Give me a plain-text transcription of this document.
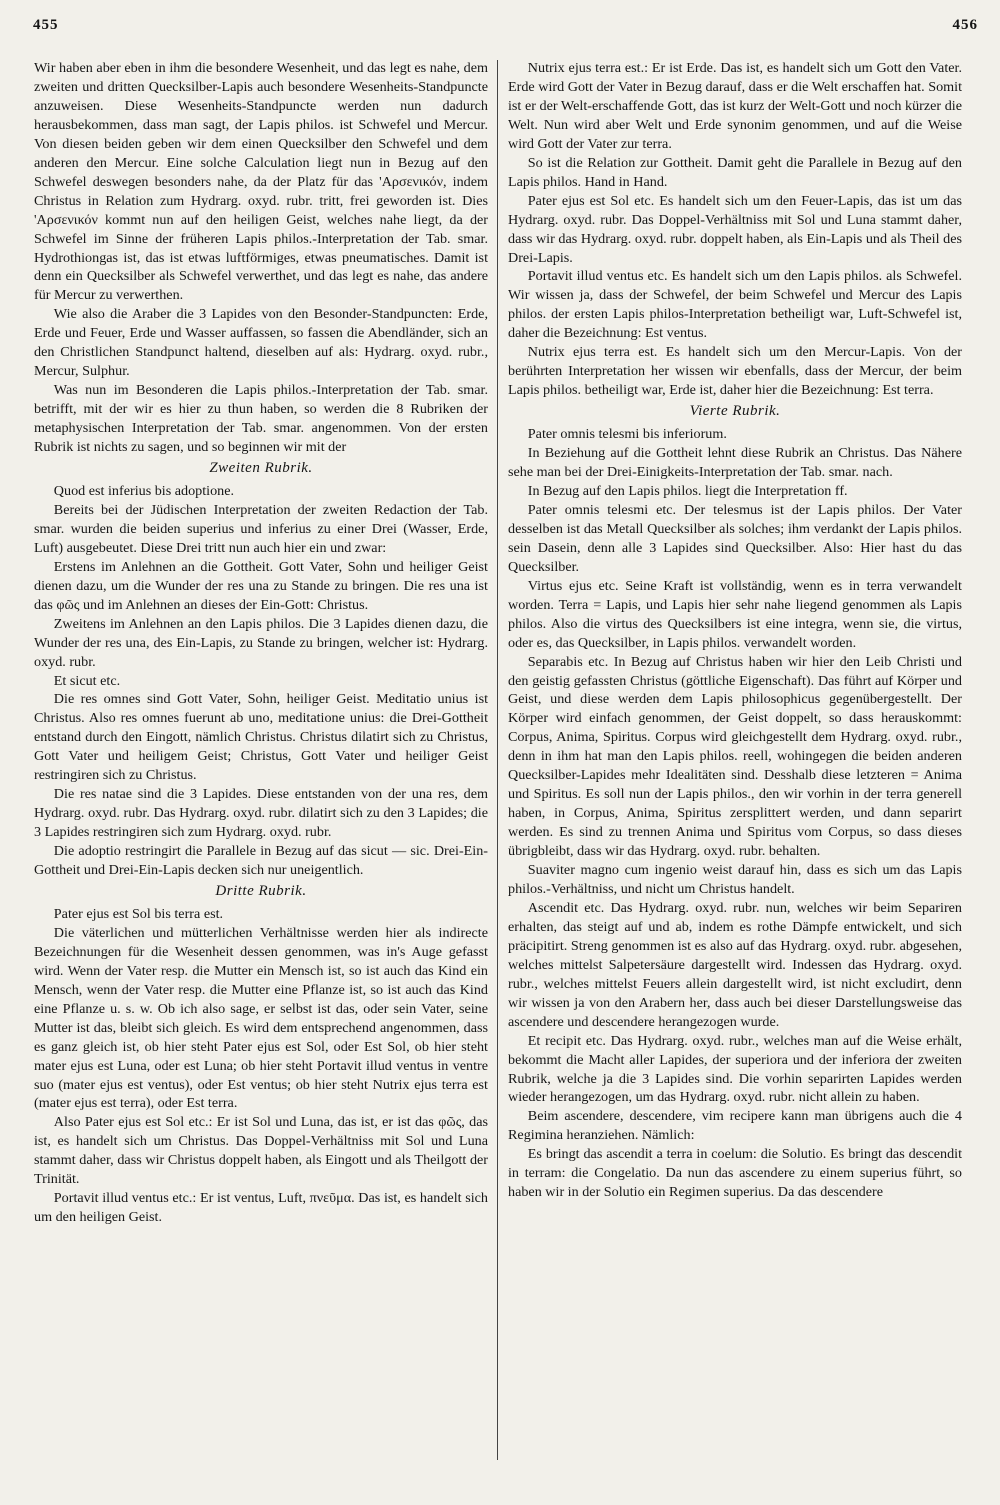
455	456

Wir haben aber eben in ihm die besondere Wesenheit, und das legt es nahe, dem zweiten und dritten Quecksilber-Lapis auch besondere Wesenheits-Standpuncte anzuweisen. Diese Wesenheits-Standpuncte werden nun dadurch herausbekommen, dass man sagt, der Lapis philos. ist Schwefel und Mercur. Von diesen beiden geben wir dem einen Quecksilber den Schwefel und dem anderen den Mercur. Eine solche Calculation liegt nun in Bezug auf den Schwefel deswegen besonders nahe, da der Platz für das 'Αρσενικόν, indem Christus in Relation zum Hydrarg. oxyd. rubr. tritt, frei geworden ist. Dies 'Αρσενικόν kommt nun auf den heiligen Geist, welches nahe liegt, da der Schwefel im Sinne der früheren Lapis philos.-Interpretation der Tab. smar. Hydrothiongas ist, das ist etwas luftförmiges, etwas pneumatisches. Damit ist denn ein Quecksilber als Schwefel verwerthet, und das legt es nahe, das andere für Mercur zu verwerthen.

Wie also die Araber die 3 Lapides von den Besonder-Standpuncten: Erde, Erde und Feuer, Erde und Wasser auffassen, so fassen die Abendländer, sich an den Christlichen Standpunct haltend, dieselben auf als: Hydrarg. oxyd. rubr., Mercur, Sulphur.

Was nun im Besonderen die Lapis philos.-Interpretation der Tab. smar. betrifft, mit der wir es hier zu thun haben, so werden die 8 Rubriken der metaphysischen Interpretation der Tab. smar. angenommen. Von der ersten Rubrik ist nichts zu sagen, und so beginnen wir mit der

Zweiten Rubrik.

Quod est inferius bis adoptione.

Bereits bei der Jüdischen Interpretation der zweiten Redaction der Tab. smar. wurden die beiden superius und inferius zu einer Drei (Wasser, Erde, Luft) ausgebeutet. Diese Drei tritt nun auch hier ein und zwar:

Erstens im Anlehnen an die Gottheit. Gott Vater, Sohn und heiliger Geist dienen dazu, um die Wunder der res una zu Stande zu bringen. Die res una ist das φῶς und im Anlehnen an dieses der Ein-Gott: Christus.

Zweitens im Anlehnen an den Lapis philos. Die 3 Lapides dienen dazu, die Wunder der res una, des Ein-Lapis, zu Stande zu bringen, welcher ist: Hydrarg. oxyd. rubr.

Et sicut etc.

Die res omnes sind Gott Vater, Sohn, heiliger Geist. Meditatio unius ist Christus. Also res omnes fuerunt ab uno, meditatione unius: die Drei-Gottheit entstand durch den Eingott, nämlich Christus. Christus dilatirt sich zu Christus, Gott Vater und heiligem Geist; Christus, Gott Vater und heiliger Geist restringiren sich zu Christus.

Die res natae sind die 3 Lapides. Diese entstanden von der una res, dem Hydrarg. oxyd. rubr. Das Hydrarg. oxyd. rubr. dilatirt sich zu den 3 Lapides; die 3 Lapides restringiren sich zum Hydrarg. oxyd. rubr.

Die adoptio restringirt die Parallele in Bezug auf das sicut — sic. Drei-Ein-Gottheit und Drei-Ein-Lapis decken sich nur uneigentlich.

Dritte Rubrik.

Pater ejus est Sol bis terra est.

Die väterlichen und mütterlichen Verhältnisse werden hier als indirecte Bezeichnungen für die Wesenheit dessen genommen, was in's Auge gefasst wird. Wenn der Vater resp. die Mutter ein Mensch ist, so ist auch das Kind ein Mensch, wenn der Vater resp. die Mutter eine Pflanze ist, so ist auch das Kind eine Pflanze u. s. w. Ob ich also sage, er selbst ist das, oder sein Vater, seine Mutter ist das, bleibt sich gleich. Es wird dem entsprechend angenommen, dass es ganz gleich ist, ob hier steht Pater ejus est Sol, oder Est Sol, ob hier steht mater ejus est Luna, oder est Luna; ob hier steht Portavit illud ventus in ventre suo (mater ejus est ventus), oder Est ventus; ob hier steht Nutrix ejus terra est (mater ejus est terra), oder Est terra.

Also Pater ejus est Sol etc.: Er ist Sol und Luna, das ist, er ist das φῶς, das ist, es handelt sich um Christus. Das Doppel-Verhältniss mit Sol und Luna stammt daher, dass wir Christus doppelt haben, als Eingott und als Theilgott der Trinität.

Portavit illud ventus etc.: Er ist ventus, Luft, πνεῦμα. Das ist, es handelt sich um den heiligen Geist.

Nutrix ejus terra est.: Er ist Erde. Das ist, es handelt sich um Gott den Vater. Erde wird Gott der Vater in Bezug darauf, dass er die Welt erschaffen hat. Somit ist er der Welt-erschaffende Gott, das ist kurz der Welt-Gott und noch kürzer die Welt. Nun wird aber Welt und Erde synonim genommen, und auf die Weise wird Gott der Vater zur terra.

So ist die Relation zur Gottheit. Damit geht die Parallele in Bezug auf den Lapis philos. Hand in Hand.

Pater ejus est Sol etc. Es handelt sich um den Feuer-Lapis, das ist um das Hydrarg. oxyd. rubr. Das Doppel-Verhältniss mit Sol und Luna stammt daher, dass wir das Hydrarg. oxyd. rubr. doppelt haben, als Ein-Lapis und als Theil des Drei-Lapis.

Portavit illud ventus etc. Es handelt sich um den Lapis philos. als Schwefel. Wir wissen ja, dass der Schwefel, der beim Schwefel und Mercur des Lapis philos. der ersten Lapis philos-Interpretation betheiligt war, Luft-Schwefel ist, daher die Bezeichnung: Est ventus.

Nutrix ejus terra est. Es handelt sich um den Mercur-Lapis. Von der berührten Interpretation her wissen wir ebenfalls, dass der Mercur, der beim Lapis philos. betheiligt war, Erde ist, daher hier die Bezeichnung: Est terra.

Vierte Rubrik.

Pater omnis telesmi bis inferiorum.

In Beziehung auf die Gottheit lehnt diese Rubrik an Christus. Das Nähere sehe man bei der Drei-Einigkeits-Interpretation der Tab. smar. nach.

In Bezug auf den Lapis philos. liegt die Interpretation ff.

Pater omnis telesmi etc. Der telesmus ist der Lapis philos. Der Vater desselben ist das Metall Quecksilber als solches; ihm verdankt der Lapis philos. sein Dasein, denn alle 3 Lapides sind Quecksilber. Also: Hier hast du das Quecksilber.

Virtus ejus etc. Seine Kraft ist vollständig, wenn es in terra verwandelt worden. Terra = Lapis, und Lapis hier sehr nahe liegend genommen als Lapis philos. Also die virtus des Quecksilbers ist eine integra, wenn sie, die virtus, oder es, das Quecksilber, in Lapis philos. verwandelt worden.

Separabis etc. In Bezug auf Christus haben wir hier den Leib Christi und den geistig gefassten Christus (göttliche Eigenschaft). Das führt auf Körper und Geist, und diese werden dem Lapis philosophicus gegenübergestellt. Der Körper wird einfach genommen, der Geist doppelt, so dass herauskommt: Corpus, Anima, Spiritus. Corpus wird gleichgestellt dem Hydrarg. oxyd. rubr., denn in ihm hat man den Lapis philos. reell, wohingegen die beiden anderen Quecksilber-Lapides mehr Idealitäten sind. Desshalb diese letzteren = Anima und Spiritus. Es soll nun der Lapis philos., den wir vorhin in der terra generell haben, in Corpus, Anima, Spiritus zersplittert werden, und dann separirt werden. Es sind zu trennen Anima und Spiritus vom Corpus, so dass dieses übrigbleibt, dass wir das Hydrarg. oxyd. rubr. behalten.

Suaviter magno cum ingenio weist darauf hin, dass es sich um das Lapis philos.-Verhältniss, und nicht um Christus handelt.

Ascendit etc. Das Hydrarg. oxyd. rubr. nun, welches wir beim Separiren erhalten, das steigt auf und ab, indem es rothe Dämpfe entwickelt, und sich präcipitirt. Streng genommen ist es also auf das Hydrarg. oxyd. rubr. abgesehen, welches mittelst Salpetersäure dargestellt wird. Indessen das Hydrarg. oxyd. rubr., welches mittelst Feuers allein dargestellt wird, ist nicht excludirt, denn wir wissen ja von den Arabern her, dass auch bei dieser Darstellungsweise das ascendere und descendere herangezogen wurde.

Et recipit etc. Das Hydrarg. oxyd. rubr., welches man auf die Weise erhält, bekommt die Macht aller Lapides, der superiora und der inferiora der zweiten Rubrik, welche ja die 3 Lapides sind. Die vorhin separirten Lapides werden wieder herangezogen, um das Hydrarg. oxyd. rubr. nicht allein zu haben.

Beim ascendere, descendere, vim recipere kann man übrigens auch die 4 Regimina heranziehen. Nämlich:

Es bringt das ascendit a terra in coelum: die Solutio. Es bringt das descendit in terram: die Congelatio. Da nun das ascendere zu einem superius führt, so haben wir in der Solutio ein Regimen superius. Da das descendere
